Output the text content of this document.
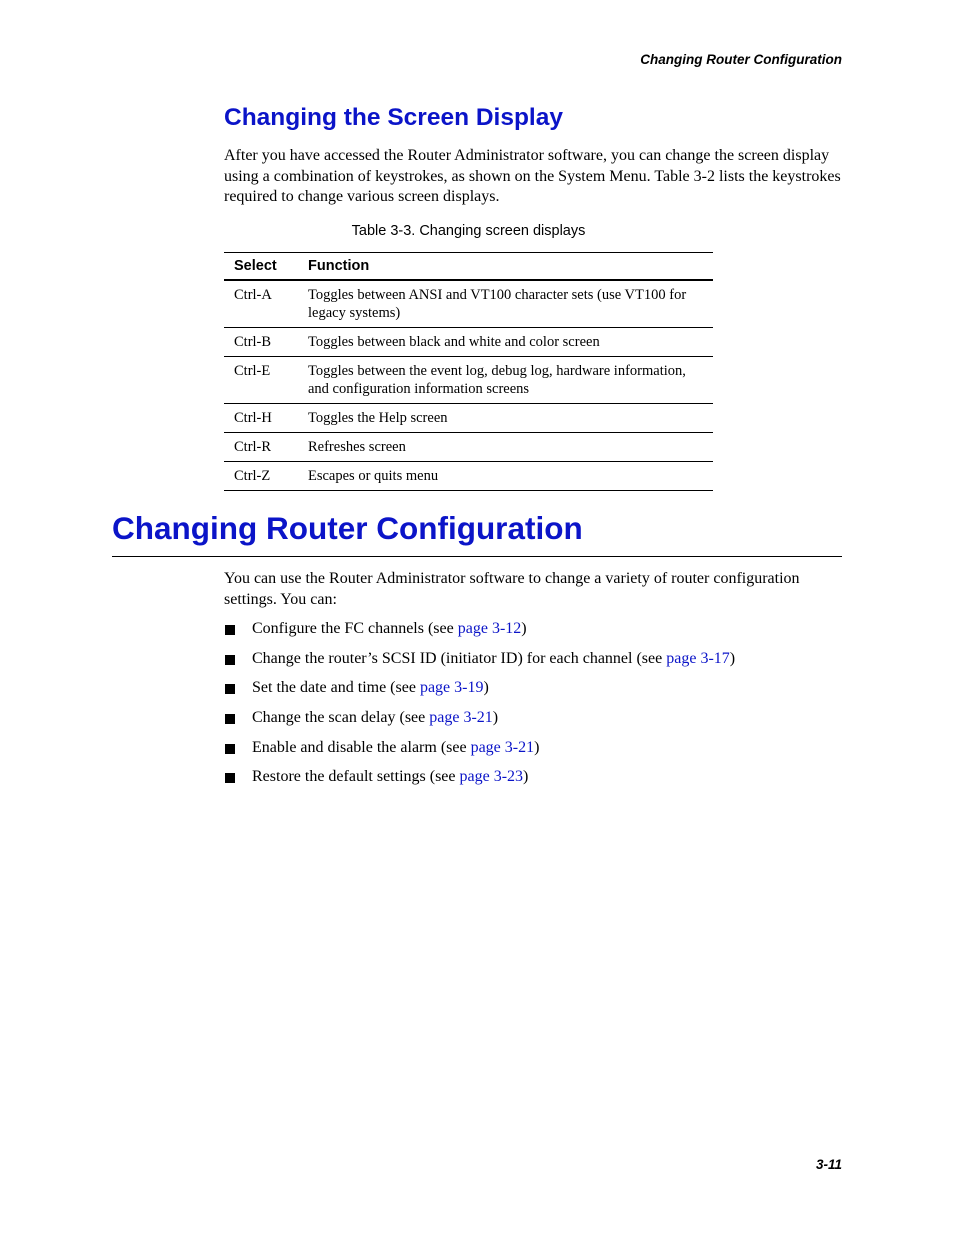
Changing Router Configuration
Changing the Screen Display

After you have accessed the Router Administrator software, you can change the screen display using a combination of keystrokes, as shown on the System Menu. Table 3-2 lists the keystrokes required to change various screen displays.

Table 3-3. Changing screen displays
Select	Function
Ctrl-A	Toggles between ANSI and VT100 character sets (use VT100 for legacy systems)
Ctrl-B	Toggles between black and white and color screen
Ctrl-E	Toggles between the event log, debug log, hardware information, and configuration information screens
Ctrl-H	Toggles the Help screen
Ctrl-R	Refreshes screen
Ctrl-Z	Escapes or quits menu
Changing Router Configuration

You can use the Router Administrator software to change a variety of router configuration settings. You can:

Configure the FC channels (see page 3-12)
Change the router’s SCSI ID (initiator ID) for each channel (see page 3-17)
Set the date and time (see page 3-19)
Change the scan delay (see page 3-21)
Enable and disable the alarm (see page 3-21)
Restore the default settings (see page 3-23)
3-11
